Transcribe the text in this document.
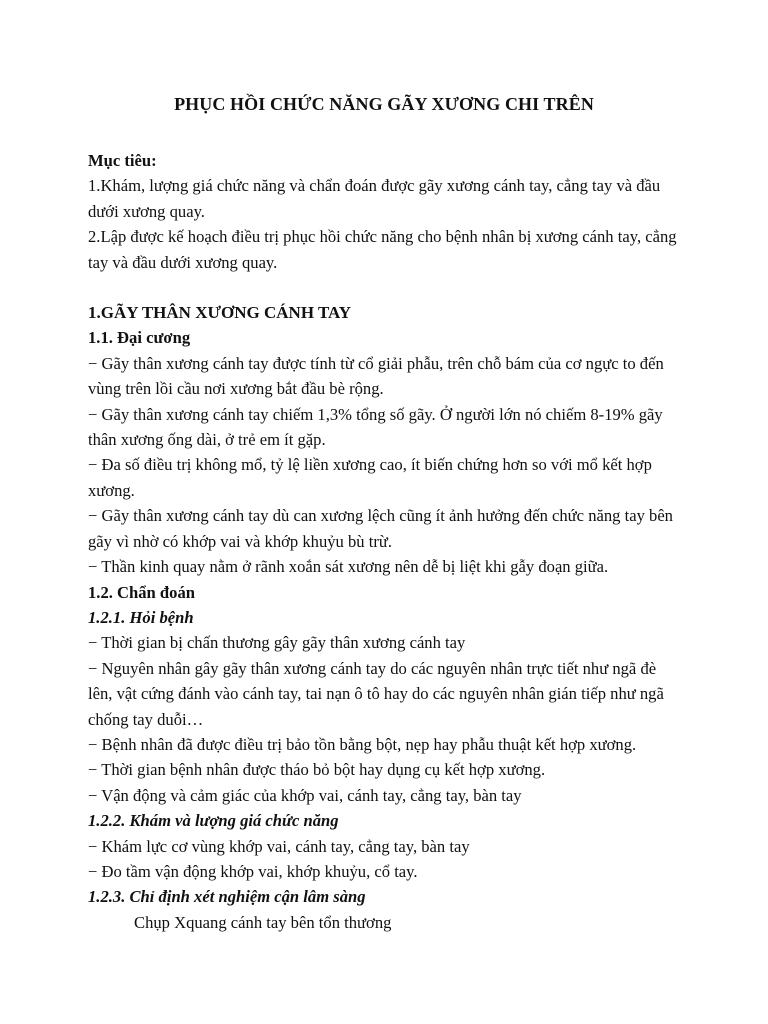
PHỤC HỒI CHỨC NĂNG GÃY XƯƠNG CHI TRÊN

Mục tiêu:

1.Khám, lượng giá chức năng và chẩn đoán được gãy xương cánh tay, cẳng tay và đầu dưới xương quay.

2.Lập được kế hoạch điều trị phục hồi chức năng cho bệnh nhân bị xương cánh tay, cẳng tay và đầu dưới xương quay.

1.GÃY THÂN XƯƠNG CÁNH TAY

1.1. Đại cương

− Gãy thân xương cánh tay được tính từ cổ giải phẫu, trên chỗ bám của cơ ngực to đến vùng trên lồi cầu nơi xương bắt đầu bè rộng.

− Gãy thân xương cánh tay chiếm 1,3% tổng số gãy. Ở người lớn nó chiếm 8-19% gãy thân xương ống dài, ở trẻ em ít gặp.

− Đa số điều trị không mổ, tỷ lệ liền xương cao, ít biến chứng hơn so với mổ kết hợp xương.

− Gãy thân xương cánh tay dù can xương lệch cũng ít ảnh hưởng đến chức năng tay bên gãy vì nhờ có khớp vai và khớp khuỷu bù trừ.

− Thần kinh quay nằm ở rãnh xoắn sát xương nên dễ bị liệt khi gẫy đoạn giữa.

1.2. Chẩn đoán

1.2.1. Hỏi bệnh

− Thời gian bị chấn thương gây gãy thân xương cánh tay

− Nguyên nhân gây gãy thân xương cánh tay do các nguyên nhân trực tiết như ngã đè lên, vật cứng đánh vào cánh tay, tai nạn ô tô hay do các nguyên nhân gián tiếp như ngã chống tay duỗi…

− Bệnh nhân đã được điều trị bảo tồn bằng bột, nẹp hay phẫu thuật kết hợp xương.

− Thời gian bệnh nhân được tháo bỏ bột hay dụng cụ kết hợp xương.

− Vận động và cảm giác của khớp vai, cánh tay, cẳng tay, bàn tay

1.2.2. Khám và lượng giá chức năng

− Khám lực cơ vùng khớp vai, cánh tay, cẳng tay, bàn tay

− Đo tầm vận động khớp vai, khớp khuỷu, cổ tay.

1.2.3. Chỉ định xét nghiệm cận lâm sàng

Chụp Xquang cánh tay bên tổn thương
